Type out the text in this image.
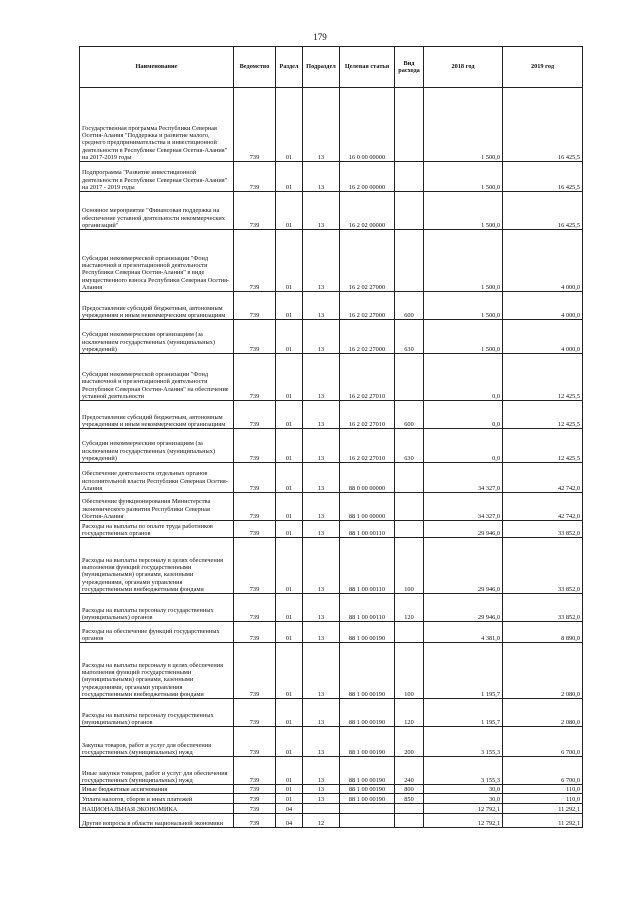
179
Наименование	Ведомство	Раздел	Подраздел	Целевая статья	Вид расхода	2018 год	2019 год
Государственная программа Республики Северная Осетия-Алания "Поддержка и развитие малого, среднего предпринимательства и инвестиционной деятельности в Республике Северная Осетия-Алания" на 2017-2019 годы	739	01	13	16 0 00 00000		1 500,0	16 425,5
Подпрограмма "Развитие инвестиционной деятельности в Республике Северная Осетия-Алания" на 2017 - 2019 годы	739	01	13	16 2 00 00000		1 500,0	16 425,5
Основное мероприятие "Финансовая поддержка на обеспечение уставной деятельности некоммерческих организаций"	739	01	13	16 2 02 00000		1 500,0	16 425,5
Субсидии некоммерческой организации "Фонд выставочной и презентационной деятельности Республики Северная Осетия-Алания" в виде имущественного взноса Республики Северная Осетия-Алания	739	01	13	16 2 02 27000		1 500,0	4 000,0
Предоставление субсидий бюджетным, автономным учреждениям и иным некоммерческим организациям	739	01	13	16 2 02 27000	600	1 500,0	4 000,0
Субсидии некоммерческим организациям (за исключением государственных (муниципальных) учреждений)	739	01	13	16 2 02 27000	630	1 500,0	4 000,0
Субсидии некоммерческой организации "Фонд выставочной и презентационной деятельности Республики Северная Осетия-Алания" на обеспечение уставной деятельности	739	01	13	16 2 02 27010		0,0	12 425,5
Предоставление субсидий бюджетным, автономным учреждениям и иным некоммерческим организациям	739	01	13	16 2 02 27010	600	0,0	12 425,5
Субсидии некоммерческим организациям (за исключением государственных (муниципальных) учреждений)	739	01	13	16 2 02 27010	630	0,0	12 425,5
Обеспечение деятельности отдельных органов исполнительной власти Республики Северная Осетия-Алания	739	01	13	88 0 00 00000		34 327,0	42 742,0
Обеспечение функционирования Министерства экономического развития Республики Северная Осетия-Алания	739	01	13	88 1 00 00000		34 327,0	42 742,0
Расходы на выплаты по оплате труда работников государственных органов	739	01	13	88 1 00 00110		29 946,0	33 852,0
Расходы на выплаты персоналу в целях обеспечения выполнения функций государственными (муниципальными) органами, казенными учреждениями, органами управления государственными внебюджетными фондами	739	01	13	88 1 00 00110	100	29 946,0	33 852,0
Расходы на выплаты персоналу государственных (муниципальных) органов	739	01	13	88 1 00 00110	120	29 946,0	33 852,0
Расходы на обеспечение функций государственных органов	739	01	13	88 1 00 00190		4 381,0	8 890,0
Расходы на выплаты персоналу в целях обеспечения выполнения функций государственными (муниципальными) органами, казенными учреждениями, органами управления государственными внебюджетными фондами	739	01	13	88 1 00 00190	100	1 195,7	2 080,0
Расходы на выплаты персоналу государственных (муниципальных) органов	739	01	13	88 1 00 00190	120	1 195,7	2 080,0
Закупка товаров, работ и услуг для обеспечения государственных (муниципальных) нужд	739	01	13	88 1 00 00190	200	3 155,3	6 700,0
Иные закупки товаров, работ и услуг для обеспечения государственных (муниципальных) нужд	739	01	13	88 1 00 00190	240	3 155,3	6 700,0
Иные бюджетные ассигнования	739	01	13	88 1 00 00190	800	30,0	110,0
Уплата налогов, сборов и иных платежей	739	01	13	88 1 00 00190	850	30,0	110,0
НАЦИОНАЛЬНАЯ ЭКОНОМИКА	739	04				12 792,1	11 292,1
Другие вопросы в области национальной экономики	739	04	12			12 792,1	11 292,1
